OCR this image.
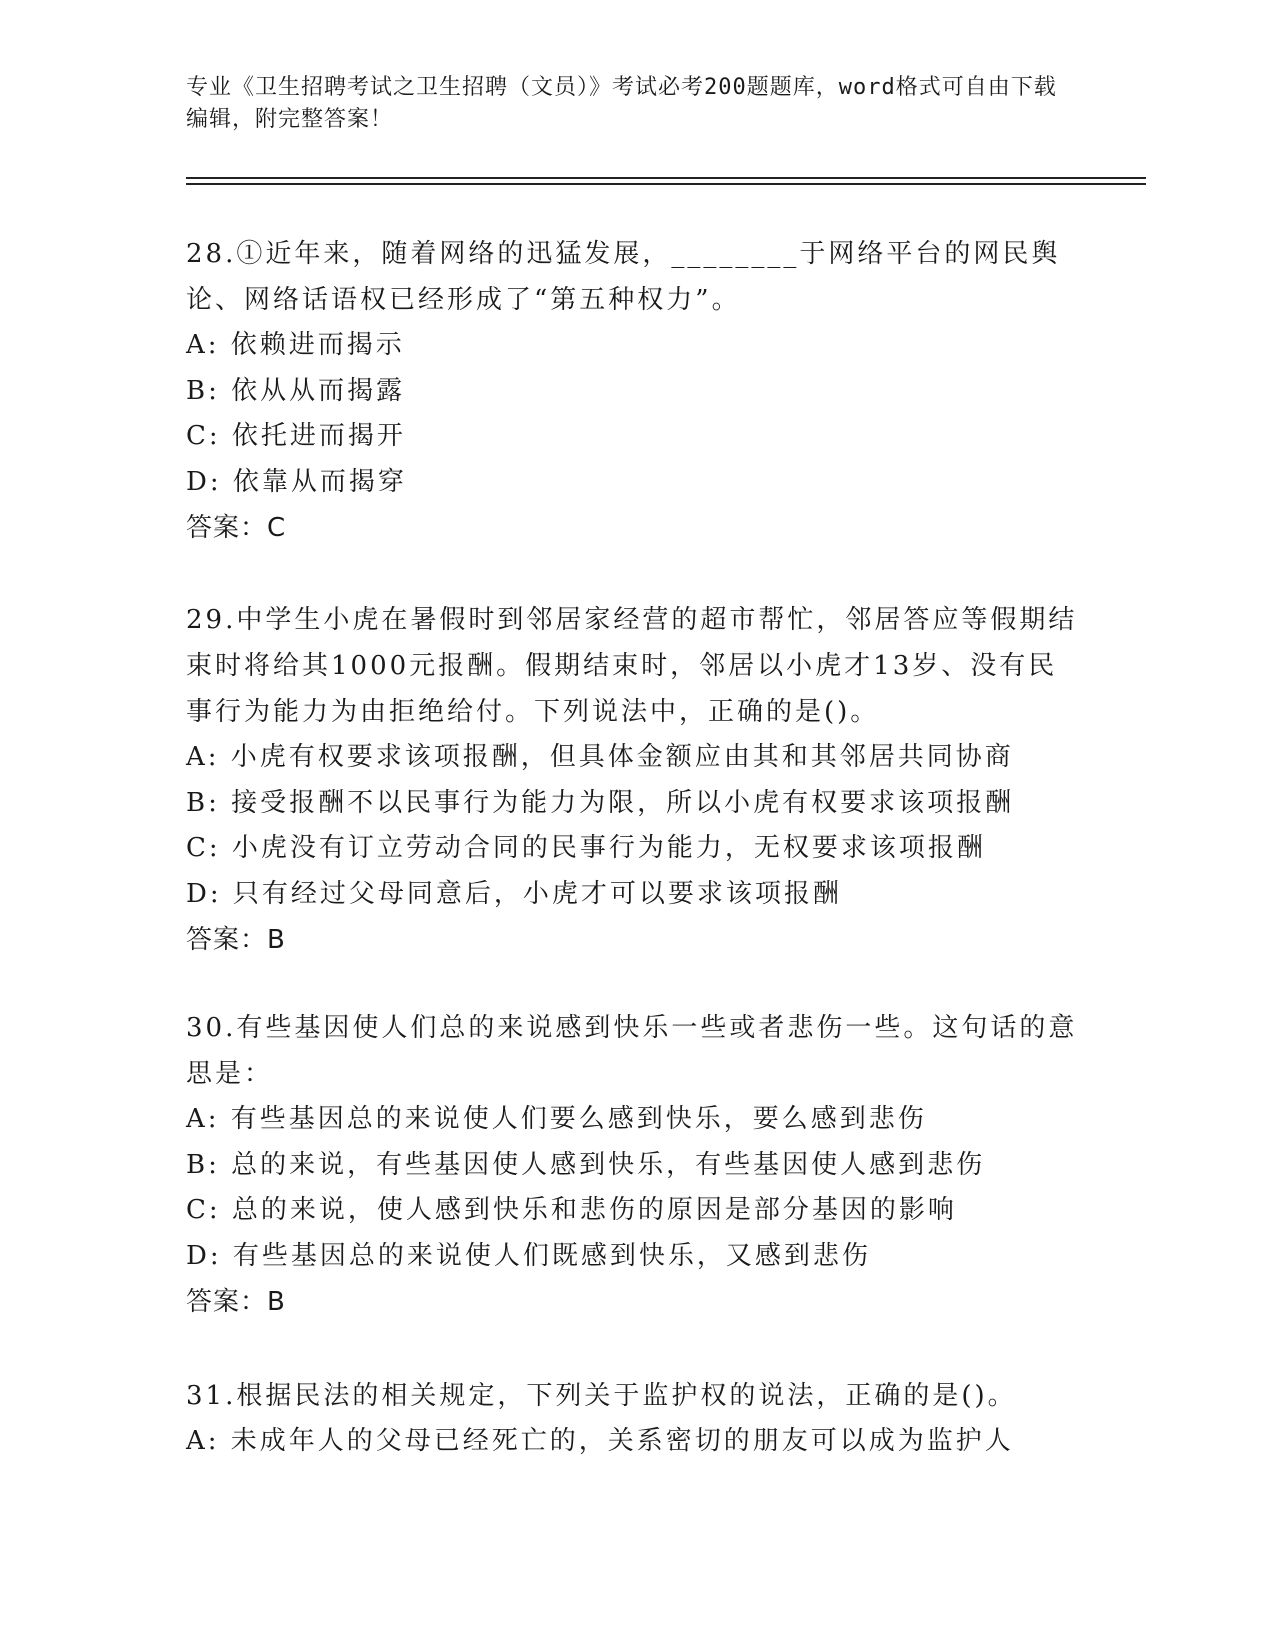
专业《卫生招聘考试之卫生招聘（文员）》考试必考200题题库，word格式可自由下载编辑，附完整答案！

28.①近年来，随着网络的迅猛发展，________于网络平台的网民舆论、网络话语权已经形成了“第五种权力”。

A: 依赖进而揭示

B: 依从从而揭露

C: 依托进而揭开

D: 依靠从而揭穿

答案：C

29.中学生小虎在暑假时到邻居家经营的超市帮忙，邻居答应等假期结束时将给其1000元报酬。假期结束时，邻居以小虎才13岁、没有民事行为能力为由拒绝给付。下列说法中，正确的是()。

A: 小虎有权要求该项报酬，但具体金额应由其和其邻居共同协商

B: 接受报酬不以民事行为能力为限，所以小虎有权要求该项报酬

C: 小虎没有订立劳动合同的民事行为能力，无权要求该项报酬

D: 只有经过父母同意后，小虎才可以要求该项报酬

答案：B

30.有些基因使人们总的来说感到快乐一些或者悲伤一些。这句话的意思是：

A: 有些基因总的来说使人们要么感到快乐，要么感到悲伤

B: 总的来说，有些基因使人感到快乐，有些基因使人感到悲伤

C: 总的来说，使人感到快乐和悲伤的原因是部分基因的影响

D: 有些基因总的来说使人们既感到快乐，又感到悲伤

答案：B

31.根据民法的相关规定，下列关于监护权的说法，正确的是()。

A: 未成年人的父母已经死亡的，关系密切的朋友可以成为监护人
